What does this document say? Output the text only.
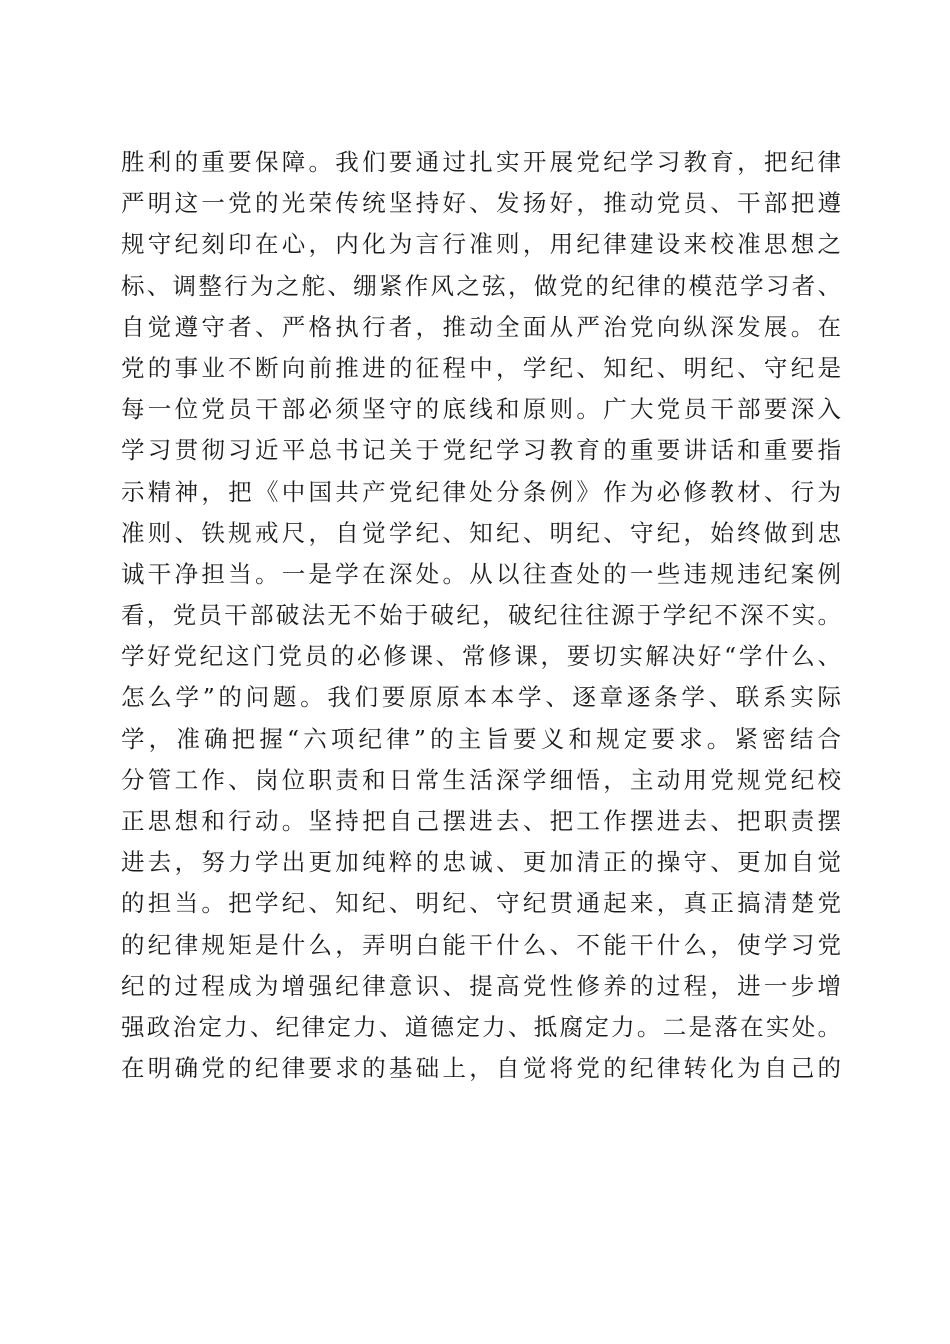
胜利的重要保障。我们要通过扎实开展党纪学习教育，把纪律
严明这一党的光荣传统坚持好、发扬好，推动党员、干部把遵
规守纪刻印在心，内化为言行准则，用纪律建设来校准思想之
标、调整行为之舵、绷紧作风之弦，做党的纪律的模范学习者、
自觉遵守者、严格执行者，推动全面从严治党向纵深发展。在
党的事业不断向前推进的征程中，学纪、知纪、明纪、守纪是
每一位党员干部必须坚守的底线和原则。广大党员干部要深入
学习贯彻习近平总书记关于党纪学习教育的重要讲话和重要指
示精神，把《中国共产党纪律处分条例》作为必修教材、行为
准则、铁规戒尺，自觉学纪、知纪、明纪、守纪，始终做到忠
诚干净担当。一是学在深处。从以往查处的一些违规违纪案例
看，党员干部破法无不始于破纪，破纪往往源于学纪不深不实。
学好党纪这门党员的必修课、常修课，要切实解决好“学什么、
怎么学”的问题。我们要原原本本学、逐章逐条学、联系实际
学，准确把握“六项纪律”的主旨要义和规定要求。紧密结合
分管工作、岗位职责和日常生活深学细悟，主动用党规党纪校
正思想和行动。坚持把自己摆进去、把工作摆进去、把职责摆
进去，努力学出更加纯粹的忠诚、更加清正的操守、更加自觉
的担当。把学纪、知纪、明纪、守纪贯通起来，真正搞清楚党
的纪律规矩是什么，弄明白能干什么、不能干什么，使学习党
纪的过程成为增强纪律意识、提高党性修养的过程，进一步增
强政治定力、纪律定力、道德定力、抵腐定力。二是落在实处。
在明确党的纪律要求的基础上，自觉将党的纪律转化为自己的
